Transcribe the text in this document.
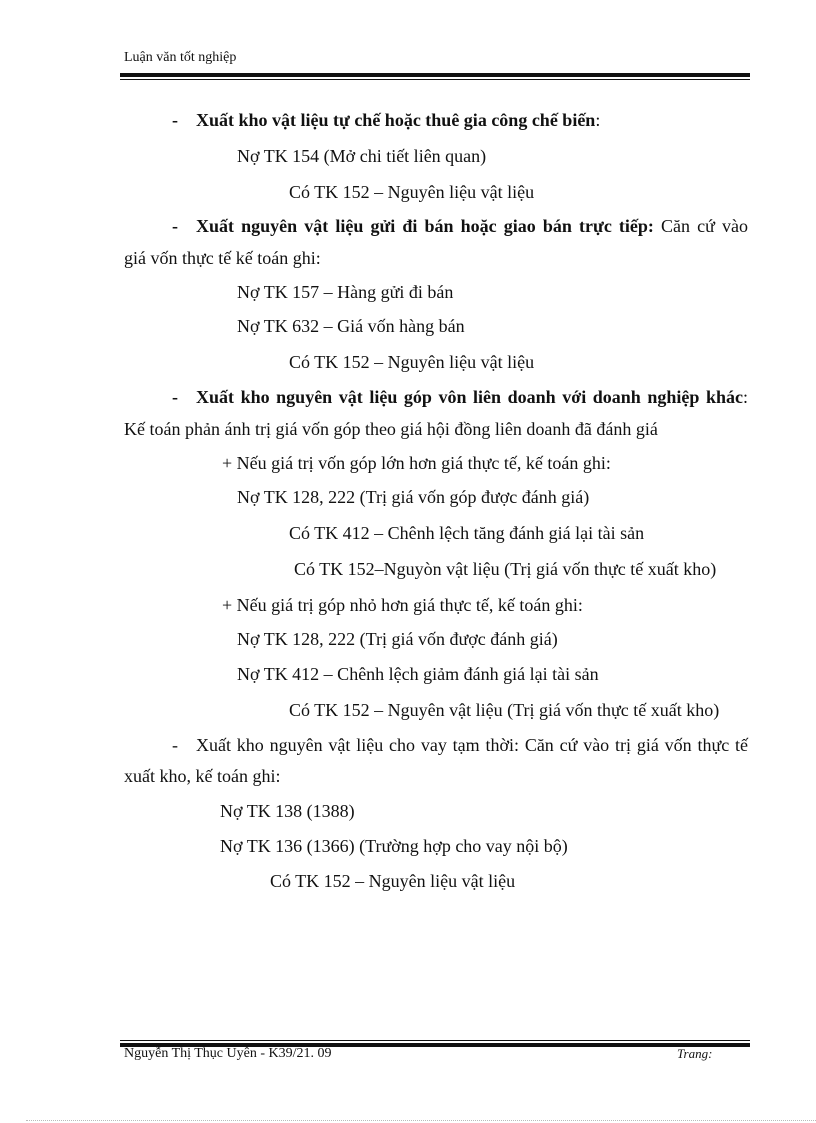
Luận văn tốt nghiệp
- Xuất kho vật liệu tự chế hoặc thuê gia công chế biến:
Nợ TK 154 (Mở chi tiết liên quan)
Có TK 152 – Nguyên liệu vật liệu
- Xuất nguyên vật liệu gửi đi bán hoặc giao bán trực tiếp: Căn cứ vào
giá vốn thực tế kế toán ghi:
Nợ TK 157 – Hàng gửi đi bán
Nợ TK 632 – Giá vốn hàng bán
Có TK 152 – Nguyên liệu vật liệu
- Xuất kho nguyên vật liệu góp vôn liên doanh với doanh nghiệp khác:
Kế toán phản ánh trị giá vốn góp theo giá hội đồng liên doanh đã đánh giá
+ Nếu giá trị vốn góp lớn hơn giá thực tế, kế toán ghi:
Nợ TK 128, 222 (Trị giá vốn góp được đánh giá)
Có TK 412 – Chênh lệch tăng đánh giá lại tài sản
Có TK 152–Nguyòn vật liệu (Trị giá vốn thực tế xuất kho)
+ Nếu giá trị góp nhỏ hơn giá thực tế, kế toán ghi:
Nợ TK 128, 222 (Trị giá vốn được đánh giá)
Nợ TK 412 – Chênh lệch giảm đánh giá lại tài sản
Có TK 152 – Nguyên vật liệu (Trị giá vốn thực tế xuất kho)
- Xuất kho nguyên vật liệu cho vay tạm thời: Căn cứ vào trị giá vốn thực tế
xuất kho, kế toán ghi:
Nợ TK 138 (1388)
Nợ TK 136 (1366) (Trường hợp cho vay nội bộ)
Có TK 152 – Nguyên liệu vật liệu
Nguyễn Thị Thục Uyên - K39/21. 09	Trang:
